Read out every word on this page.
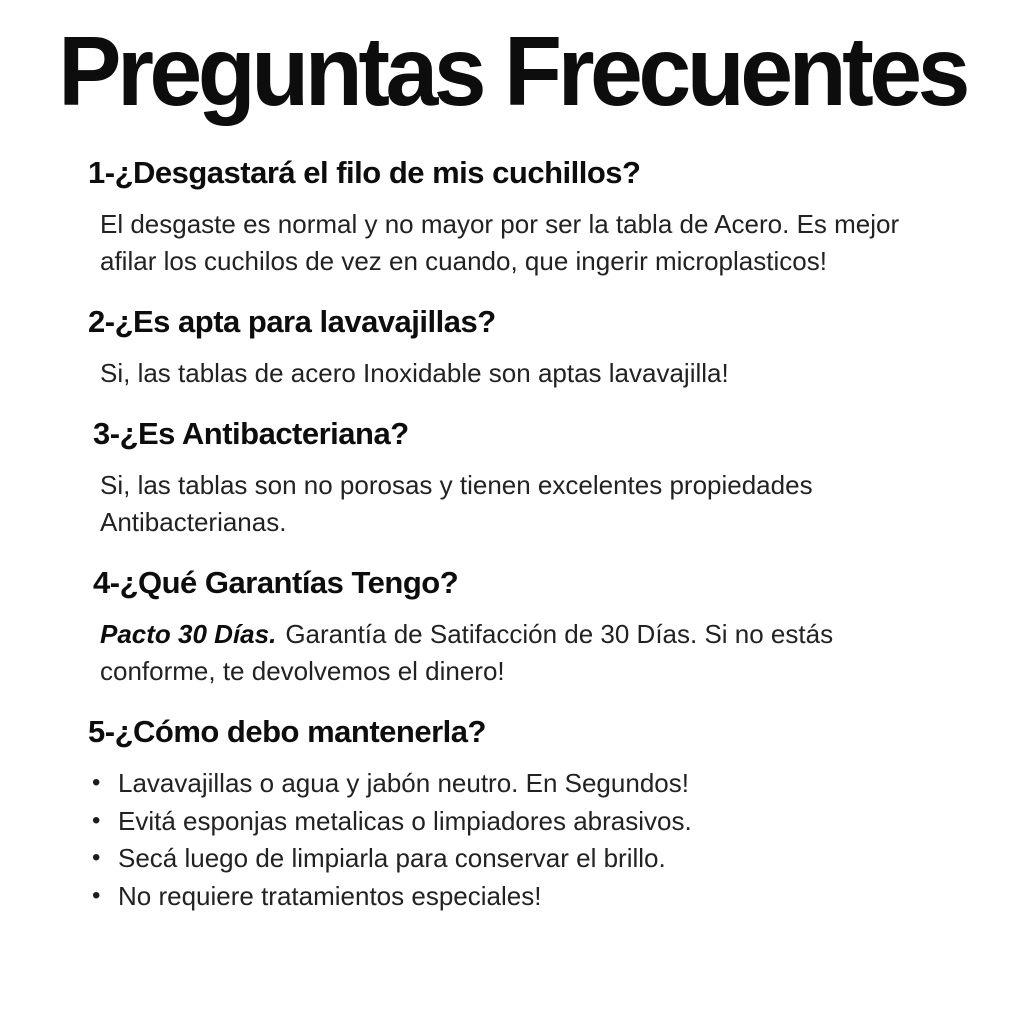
Preguntas Frecuentes
1-¿Desgastará el filo de mis cuchillos?

El desgaste es normal y no mayor por ser la tabla de Acero. Es mejor afilar los cuchilos de vez en cuando, que ingerir microplasticos!

2-¿Es apta para lavavajillas?

Si, las tablas de acero Inoxidable son aptas lavavajilla!

3-¿Es Antibacteriana?

Si, las tablas son no porosas y tienen excelentes propiedades Antibacterianas.

4-¿Qué Garantías Tengo?

Pacto 30 Días. Garantía de Satifacción de 30 Días. Si no estás conforme, te devolvemos el dinero!

5-¿Cómo debo mantenerla?
• Lavavajillas o agua y jabón neutro. En Segundos!
• Evitá esponjas metalicas o limpiadores abrasivos.
• Secá luego de limpiarla para conservar el brillo.
• No requiere tratamientos especiales!
